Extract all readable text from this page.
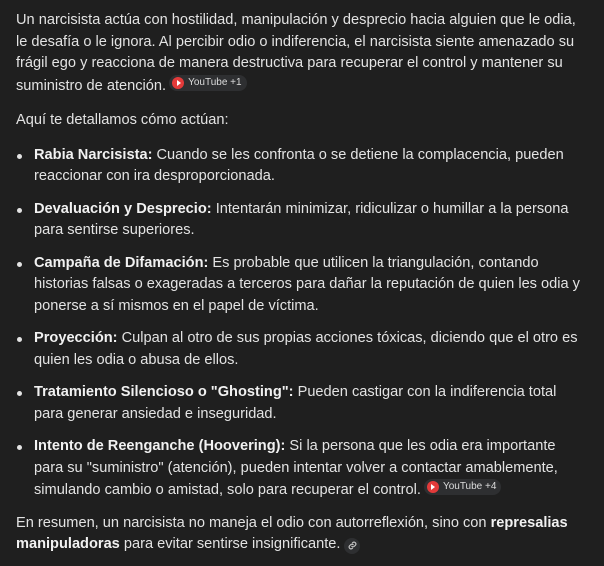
Un narcisista actúa con hostilidad, manipulación y desprecio hacia alguien que le odia, le desafía o le ignora. Al percibir odio o indiferencia, el narcisista siente amenazado su frágil ego y reacciona de manera destructiva para recuperar el control y mantener su suministro de atención. YouTube +1

Aquí te detallamos cómo actúan:

Rabia Narcisista: Cuando se les confronta o se detiene la complacencia, pueden reaccionar con ira desproporcionada.
Devaluación y Desprecio: Intentarán minimizar, ridiculizar o humillar a la persona para sentirse superiores.
Campaña de Difamación: Es probable que utilicen la triangulación, contando historias falsas o exageradas a terceros para dañar la reputación de quien les odia y ponerse a sí mismos en el papel de víctima.
Proyección: Culpan al otro de sus propias acciones tóxicas, diciendo que el otro es quien les odia o abusa de ellos.
Tratamiento Silencioso o "Ghosting": Pueden castigar con la indiferencia total para generar ansiedad e inseguridad.
Intento de Reenganche (Hoovering): Si la persona que les odia era importante para su "suministro" (atención), pueden intentar volver a contactar amablemente, simulando cambio o amistad, solo para recuperar el control. YouTube +4

En resumen, un narcisista no maneja el odio con autorreflexión, sino con represalias manipuladoras para evitar sentirse insignificante.
